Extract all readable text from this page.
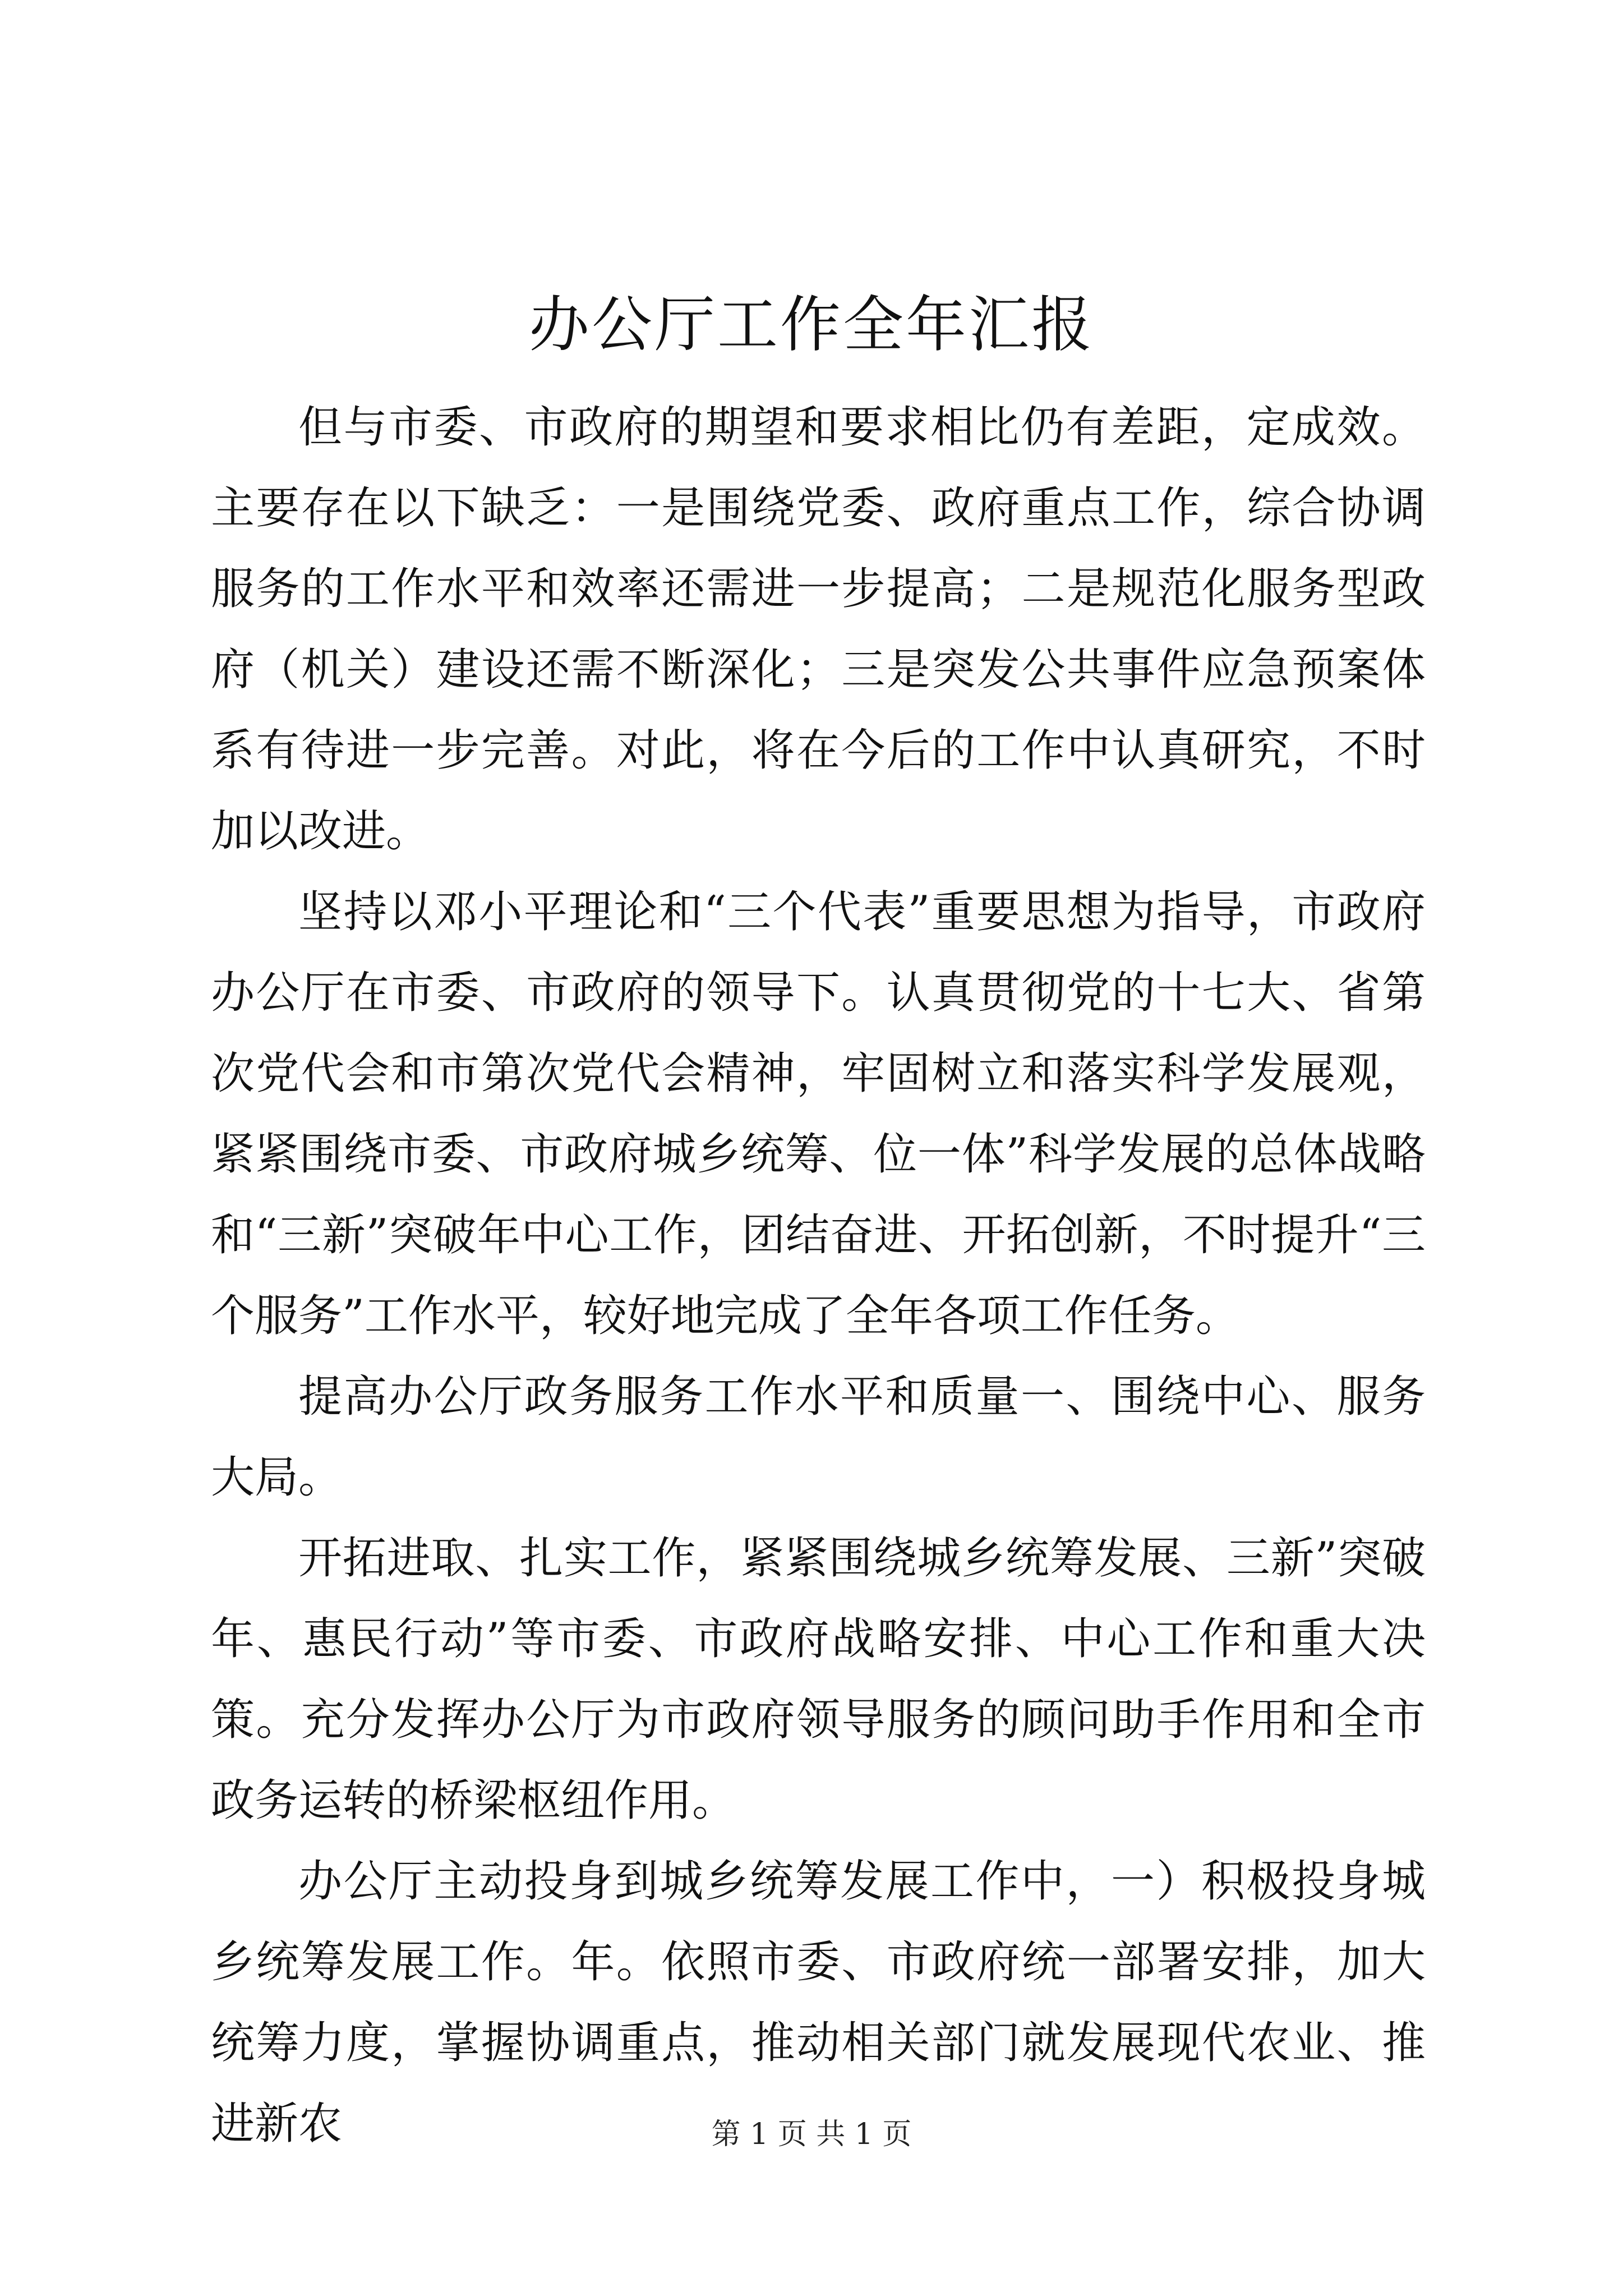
办公厅工作全年汇报

但与市委、市政府的期望和要求相比仍有差距，定成效。主要存在以下缺乏：一是围绕党委、政府重点工作，综合协调服务的工作水平和效率还需进一步提高；二是规范化服务型政府（机关）建设还需不断深化；三是突发公共事件应急预案体系有待进一步完善。对此，将在今后的工作中认真研究，不时加以改进。

坚持以邓小平理论和“三个代表”重要思想为指导，市政府办公厅在市委、市政府的领导下。认真贯彻党的十七大、省第次党代会和市第次党代会精神，牢固树立和落实科学发展观，紧紧围绕市委、市政府城乡统筹、位一体”科学发展的总体战略和“三新”突破年中心工作，团结奋进、开拓创新，不时提升“三个服务”工作水平，较好地完成了全年各项工作任务。

提高办公厅政务服务工作水平和质量一、围绕中心、服务大局。

开拓进取、扎实工作，紧紧围绕城乡统筹发展、三新”突破年、惠民行动”等市委、市政府战略安排、中心工作和重大决策。充分发挥办公厅为市政府领导服务的顾问助手作用和全市政务运转的桥梁枢纽作用。

办公厅主动投身到城乡统筹发展工作中，一）积极投身城乡统筹发展工作。年。依照市委、市政府统一部署安排，加大统筹力度，掌握协调重点，推动相关部门就发展现代农业、推进新农	第 1 页 共 1 页
